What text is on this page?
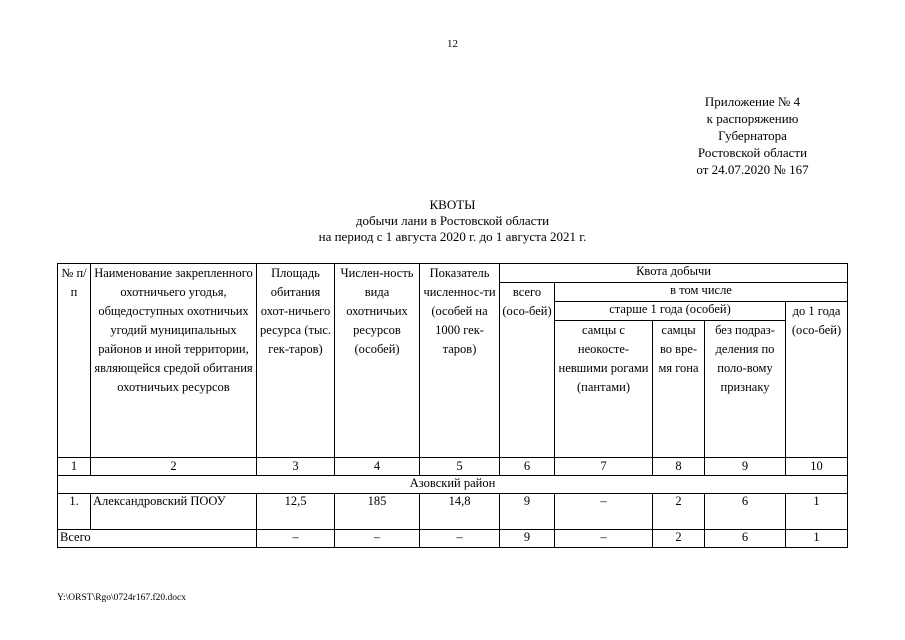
12
Приложение № 4
к распоряжению
Губернатора
Ростовской области
от 24.07.2020 № 167
КВОТЫ
добычи лани в Ростовской области
на период с 1 августа 2020 г. до 1 августа 2021 г.
№ п/п	Наименование закрепленного охотничьего угодья, общедоступных охотничьих угодий муниципальных районов и иной территории, являющейся средой обитания охотничьих ресурсов	Площадь обитания охот-ничьего ресурса (тыс. гек-таров)	Числен-ность вида охотничьих ресурсов (особей)	Показатель численнос-ти (особей на 1000 гек-таров)	Квота добычи				
					всего (осо-бей)	в том числе			
						старше 1 года (особей)			до 1 года (осо-бей)
						самцы с неокосте-невшими рогами (пантами)	самцы во вре-мя гона	без подраз-деления по поло-вому признаку	
1	2	3	4	5	6	7	8	9	10
Азовский район									
1.	Александровский ПООУ	12,5	185	14,8	9	–	2	6	1
Всего		–	–	–	9	–	2	6	1
Y:\ORST\Rgo\0724r167.f20.docx
